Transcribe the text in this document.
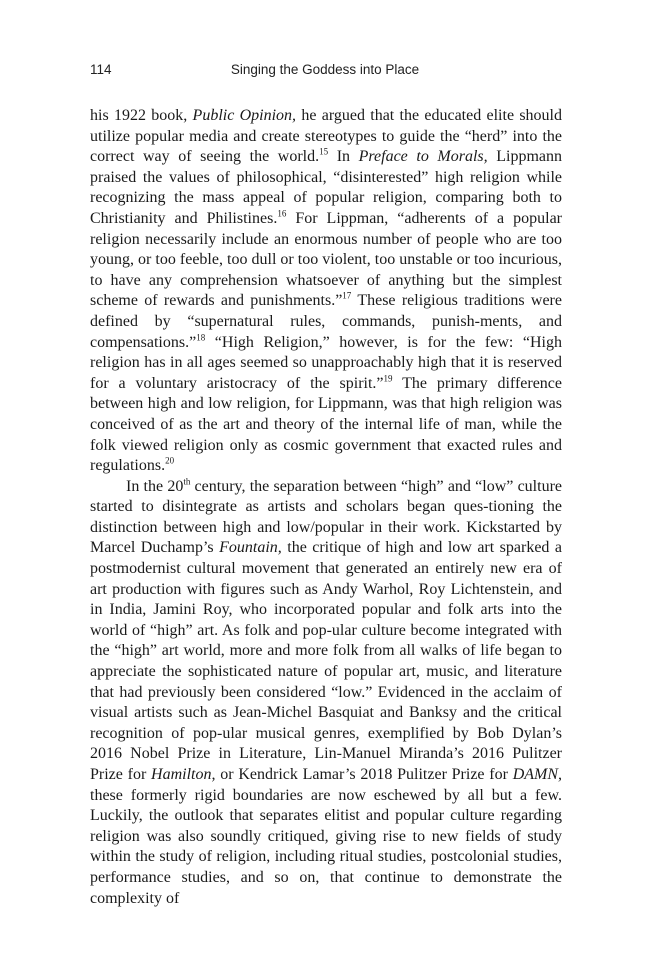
114	Singing the Goddess into Place

his 1922 book, Public Opinion, he argued that the educated elite should utilize popular media and create stereotypes to guide the “herd” into the correct way of seeing the world.$^{15}$ In Preface to Morals, Lippmann praised the values of philosophical, “disinterested” high religion while recognizing the mass appeal of popular religion, comparing both to Christianity and Philistines.$^{16}$ For Lippman, “adherents of a popular religion necessarily include an enormous number of people who are too young, or too feeble, too dull or too violent, too unstable or too incurious, to have any comprehension whatsoever of anything but the simplest scheme of rewards and punishments.”$^{17}$ These religious traditions were defined by “supernatural rules, commands, punish-ments, and compensations.”$^{18}$ “High Religion,” however, is for the few: “High religion has in all ages seemed so unapproachably high that it is reserved for a voluntary aristocracy of the spirit.”$^{19}$ The primary difference between high and low religion, for Lippmann, was that high religion was conceived of as the art and theory of the internal life of man, while the folk viewed religion only as cosmic government that exacted rules and regulations.$^{20}$

In the 20th century, the separation between “high” and “low” culture started to disintegrate as artists and scholars began ques-tioning the distinction between high and low/popular in their work. Kickstarted by Marcel Duchamp’s Fountain, the critique of high and low art sparked a postmodernist cultural movement that generated an entirely new era of art production with figures such as Andy Warhol, Roy Lichtenstein, and in India, Jamini Roy, who incorporated popular and folk arts into the world of “high” art. As folk and pop-ular culture become integrated with the “high” art world, more and more folk from all walks of life began to appreciate the sophisticated nature of popular art, music, and literature that had previously been considered “low.” Evidenced in the acclaim of visual artists such as Jean-Michel Basquiat and Banksy and the critical recognition of pop-ular musical genres, exemplified by Bob Dylan’s 2016 Nobel Prize in Literature, Lin-Manuel Miranda’s 2016 Pulitzer Prize for Hamilton, or Kendrick Lamar’s 2018 Pulitzer Prize for DAMN, these formerly rigid boundaries are now eschewed by all but a few. Luckily, the outlook that separates elitist and popular culture regarding religion was also soundly critiqued, giving rise to new fields of study within the study of religion, including ritual studies, postcolonial studies, performance studies, and so on, that continue to demonstrate the complexity of
